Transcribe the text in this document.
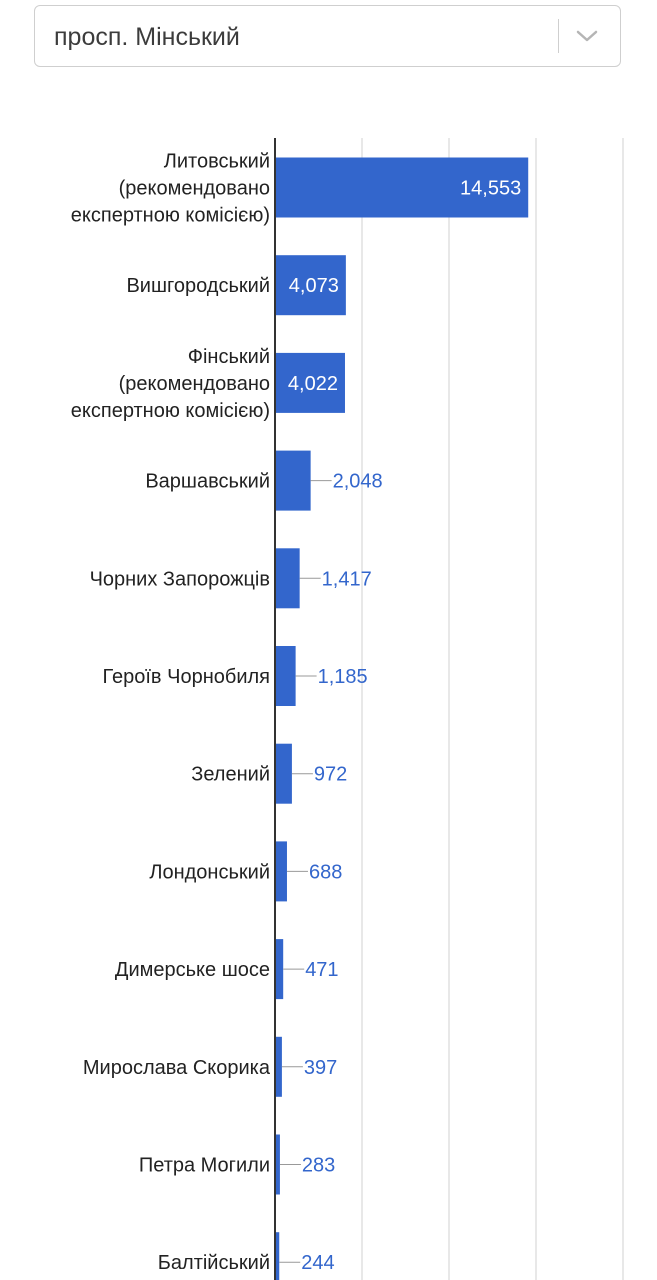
просп. Мінський
Литовський (рекомендовано експертною комісією)
14,553
Вишгородський 4,073
Фінський (рекомендовано експертною комісією)
4,022
Варшавський	2,048
Чорних Запорожців	1,417
Героїв Чорнобиля 1,185
Зелений 972
Лондонський 688
Димерське шосе 471
Мирослава Скорика 397
Петра Могили 283
Балтійський 244
